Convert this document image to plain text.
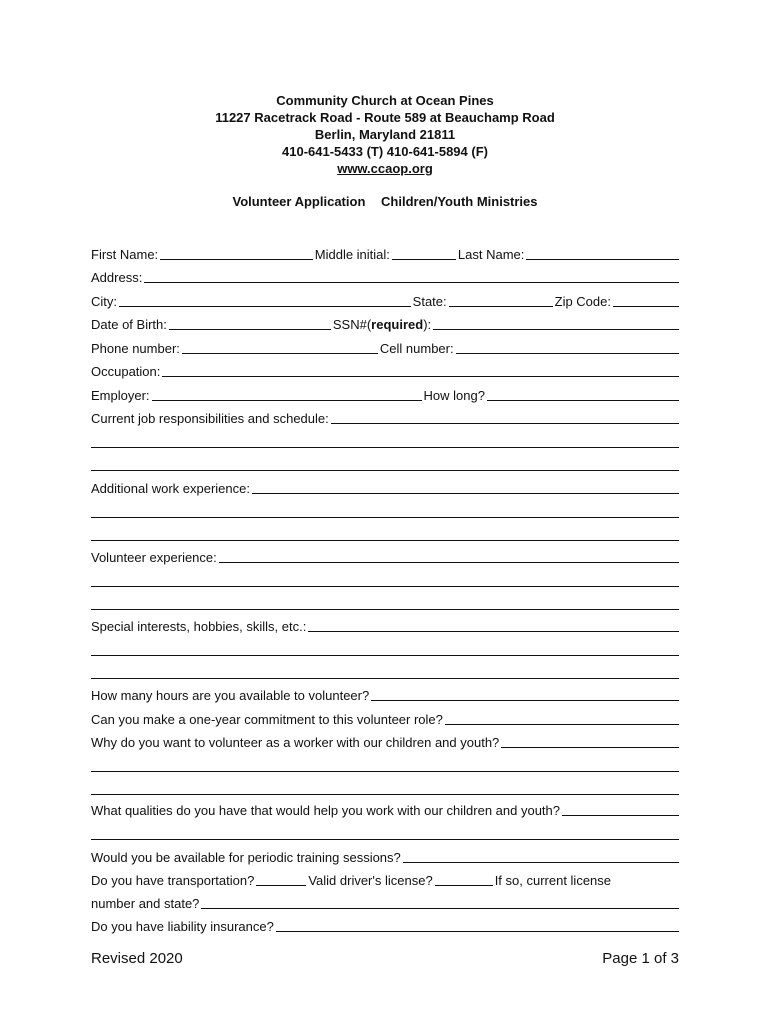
Community Church at Ocean Pines
11227 Racetrack Road - Route 589 at Beauchamp Road
Berlin, Maryland 21811
410-641-5433 (T) 410-641-5894 (F)
www.ccaop.org
Volunteer Application Children/Youth Ministries
First Name:	Middle initial:	Last Name:
Address:
City:	State:	Zip Code:
Date of Birth:	SSN#(required):
Phone number:	Cell number:
Occupation:
Employer:	How long?
Current job responsibilities and schedule:
Additional work experience:
Volunteer experience:
Special interests, hobbies, skills, etc.:
How many hours are you available to volunteer?
Can you make a one-year commitment to this volunteer role?
Why do you want to volunteer as a worker with our children and youth?
What qualities do you have that would help you work with our children and youth?
Would you be available for periodic training sessions?
Do you have transportation?	Valid driver's license?	If so, current license
number and state?
Do you have liability insurance?
Revised 2020	Page 1 of 3
